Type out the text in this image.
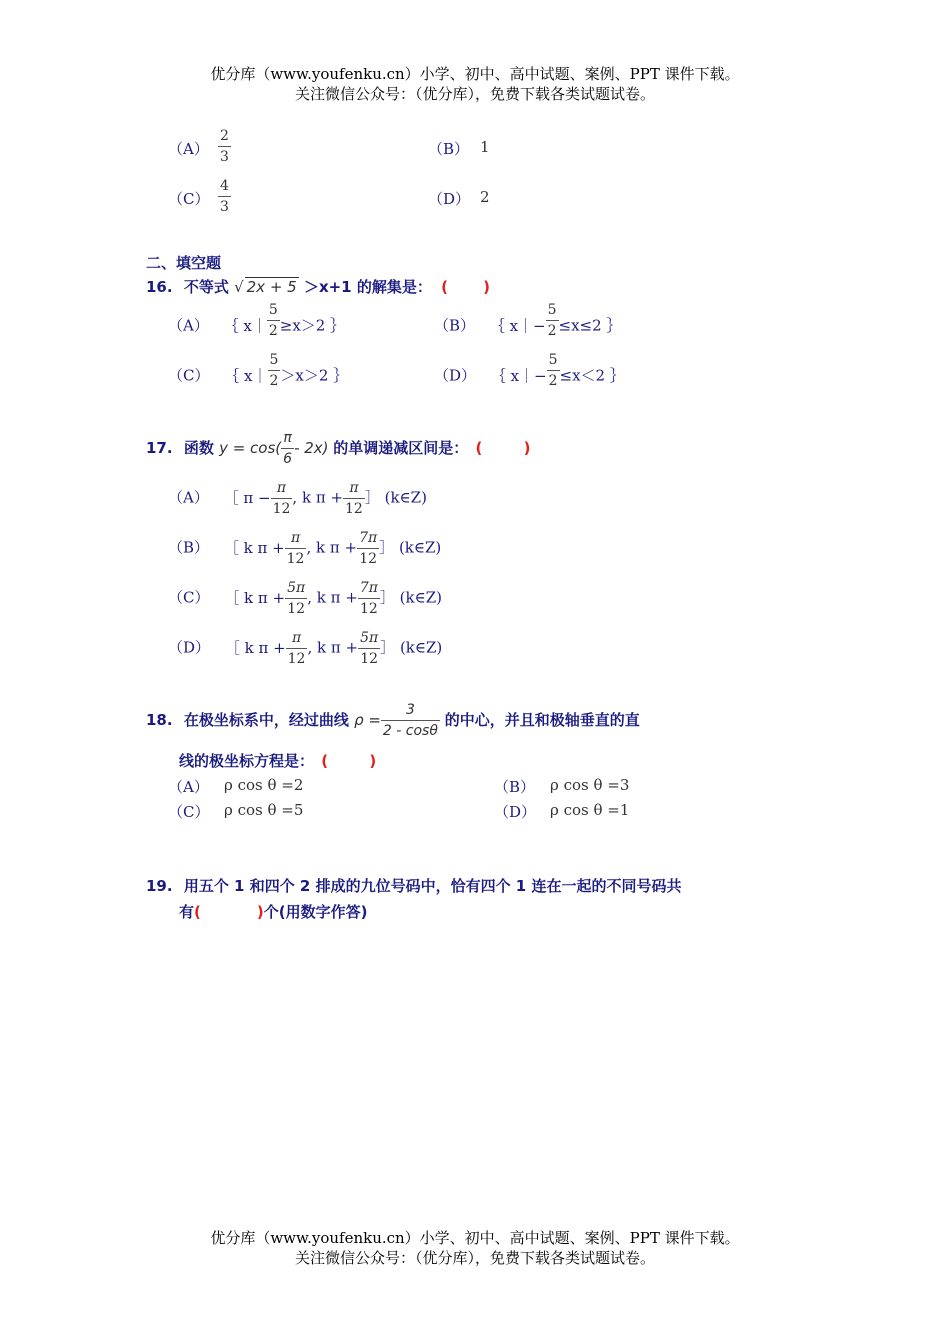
优分库（www.youfenku.cn）小学、初中、高中试题、案例、PPT 课件下载。
关注微信公众号：（优分库），免费下载各类试题试卷。
$(A) \frac{2}{3}$	（B） 1
$(C) \frac{4}{3}$	（D） 2
二、填空题
16. 不等式 √ 2x + 5 ＞x+1 的解集是： ( )
（A） ｛ x｜ $\frac{5}{2} \ge x>2$ ｝	（B） ｛ x｜− $\frac{5}{2} \le x\le 2$ ｝
（C） ｛ x｜ $\frac{5}{2} >x>2$ ｝	（D） ｛ x｜− $\frac{5}{2} \le x<2$ ｝
17. 函数 $y = \cos( \frac{\pi}{6} - 2x)$ 的单调递减区间是： (	)
（A） ［ $\pi - \frac{\pi}{12}$ , k $\pi + \frac{\pi}{12}$ ］ (k∈Z)
（B） ［ k $\pi + \frac{\pi}{12}$ , k $\pi + \frac{7\pi}{12}$ ］ (k∈Z)
（C） ［ k $\pi + \frac{5\pi}{12}$ , k $\pi + \frac{7\pi}{12}$ ］ (k∈Z)
（D） ［ k $\pi + \frac{\pi}{12}$ , k $\pi + \frac{5\pi}{12}$ ］ (k∈Z)
18. 在极坐标系中，经过曲线 $\rho = \frac{3}{2 - \cos\theta}$ 的中心，并且和极轴垂直的直
线的极坐标方程是： (	)
（A） ρ cos θ =2	（B） ρ cos θ =3
（C） ρ cos θ =5	（D） ρ cos θ =1
19. 用五个 1 和四个 2 排成的九位号码中，恰有四个 1 连在一起的不同号码共
有(	)个(用数字作答)
优分库（www.youfenku.cn）小学、初中、高中试题、案例、PPT 课件下载。
关注微信公众号：（优分库），免费下载各类试题试卷。
